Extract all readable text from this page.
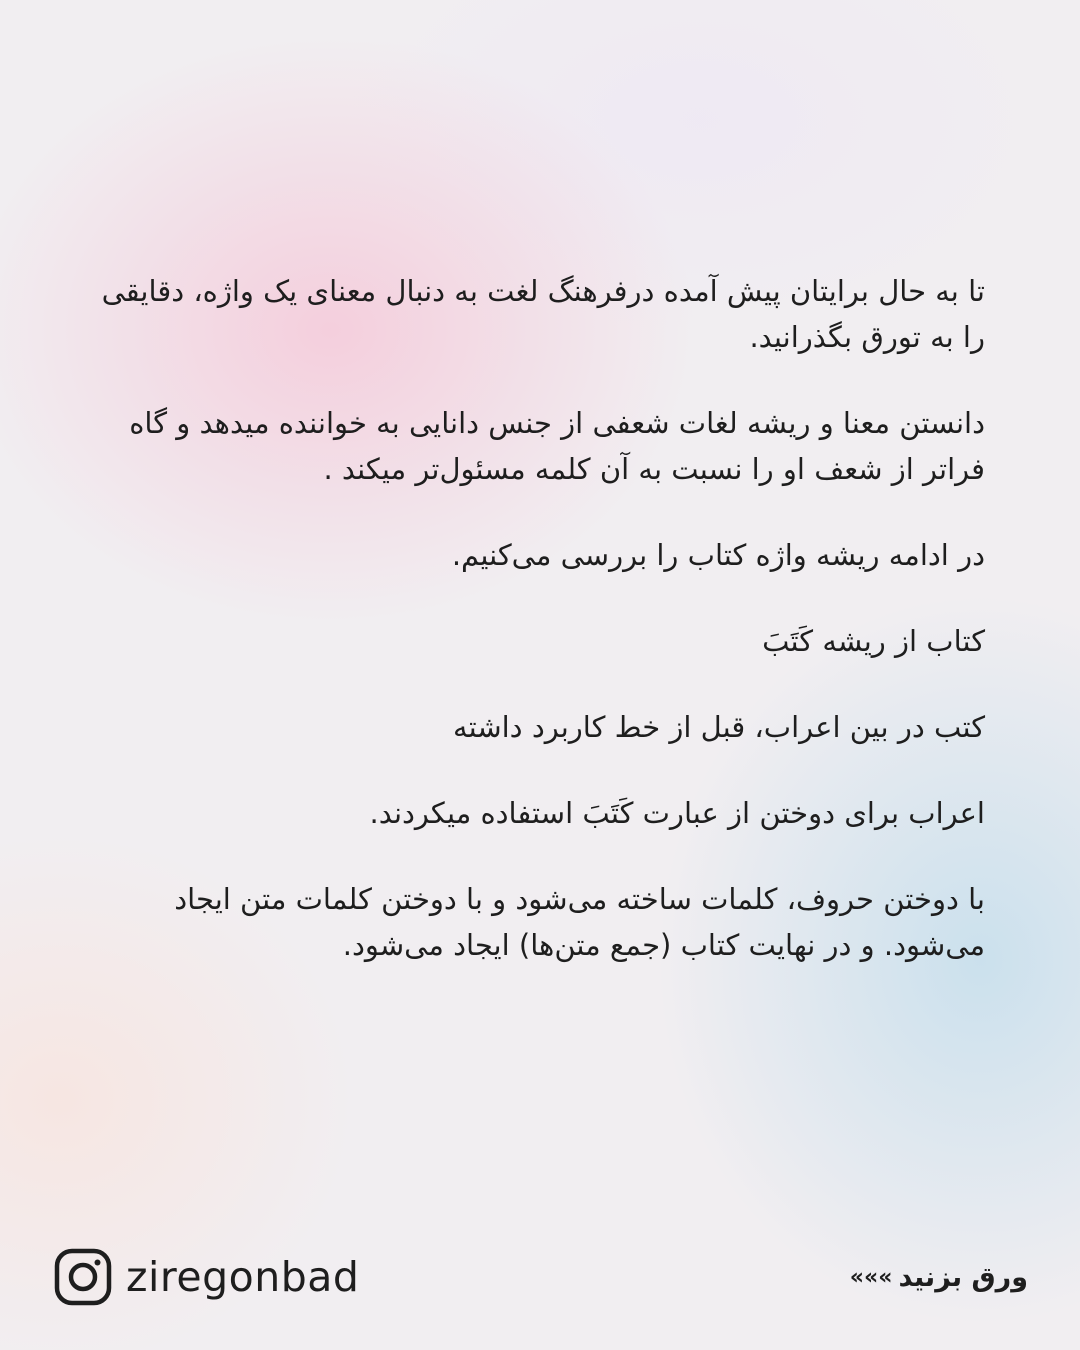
تا به حال برایتان پیش آمده درفرهنگ لغت به دنبال معنای یک واژه، دقایقی را به تورق بگذرانید.

دانستن معنا و ریشه لغات شعفی از جنس دانایی به خواننده میدهد و گاه فراتر از شعف او را نسبت به آن کلمه مسئول‌تر میکند .

در ادامه ریشه واژه کتاب را بررسی می‌کنیم.

کتاب از ریشه کَتَبَ

کتب در بین اعراب، قبل از خط کاربرد داشته

اعراب برای دوختن از عبارت کَتَبَ استفاده میکردند.

با دوختن حروف، کلمات ساخته می‌شود و با دوختن کلمات متن ایجاد می‌شود. و در نهایت کتاب (جمع متن‌ها) ایجاد می‌شود.

ziregonbad	ورق بزنید
«««
